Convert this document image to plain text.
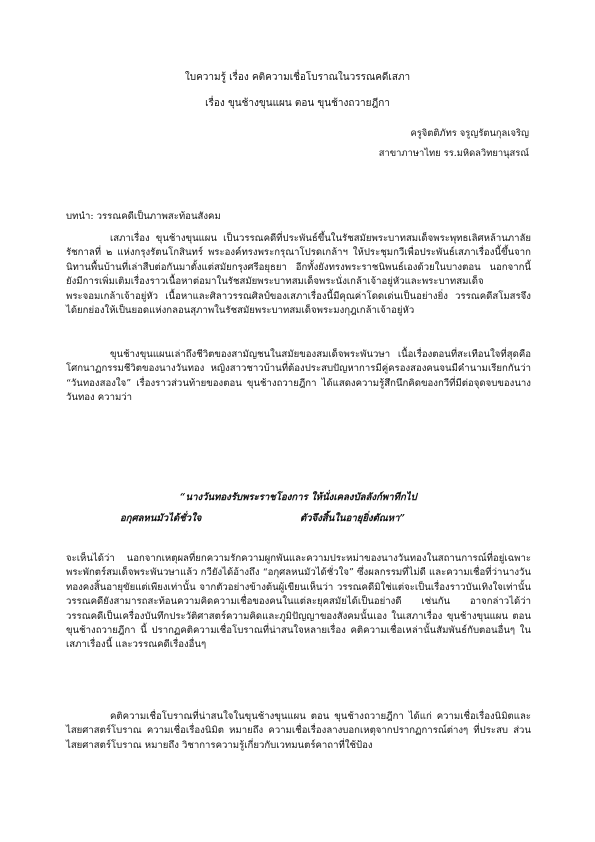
ใบความรู้ เรื่อง คติความเชื่อโบราณในวรรณคดีเสภา
เรื่อง ขุนช้างขุนแผน ตอน ขุนช้างถวายฎีกา
ครูจิตติภัทร จรูญรัตนกุลเจริญ
สาขาภาษาไทย รร.มหิดลวิทยานุสรณ์
บทนำ: วรรณคดีเป็นภาพสะท้อนสังคม

เสภาเรื่อง ขุนช้างขุนแผน เป็นวรรณคดีที่ประพันธ์ขึ้นในรัชสมัยพระบาทสมเด็จพระพุทธเลิศหล้านภาลัย รัชกาลที่ ๒ แห่งกรุงรัตนโกสินทร์ พระองค์ทรงพระกรุณาโปรดเกล้าฯ ให้ประชุมกวีเพื่อประพันธ์เสภาเรื่องนี้ขึ้นจากนิทานพื้นบ้านที่เล่าสืบต่อกันมาตั้งแต่สมัยกรุงศรีอยุธยา อีกทั้งยังทรงพระราชนิพนธ์เองด้วยในบางตอน นอกจากนี้ ยังมีการเพิ่มเติมเรื่องราวเนื้อหาต่อมาในรัชสมัยพระบาทสมเด็จพระนั่งเกล้าเจ้าอยู่หัวและพระบาทสมเด็จพระจอมเกล้าเจ้าอยู่หัว เนื้อหาและศิลาวรรณศิลป์ของเสภาเรื่องนี้มีคุณค่าโดดเด่นเป็นอย่างยิ่ง วรรณคดีสโมสรจึงได้ยกย่องให้เป็นยอดแห่งกลอนสุภาพในรัชสมัยพระบาทสมเด็จพระมงกุฎเกล้าเจ้าอยู่หัว

ขุนช้างขุนแผนเล่าถึงชีวิตของสามัญชนในสมัยของสมเด็จพระพันวษา เนื้อเรื่องตอนที่สะเทือนใจที่สุดคือ โศกนาฏกรรมชีวิตของนางวันทอง หญิงสาวชาวบ้านที่ต้องประสบปัญหาการมีคู่ครองสองคนจนมีคำนามเรียกกันว่า “วันทองสองใจ” เรื่องราวส่วนท้ายของตอน ขุนช้างถวายฎีกา ได้แสดงความรู้สึกนึกคิดของกวีที่มีต่อจุดจบของนางวันทอง ความว่า

“นางวันทองรับพระราชโองการ ให้นั่งเคลงบัลลังก์พาทีกไป
อกุศลหนมัวได้ชั่วใจ	ตัวจึงสิ้นในอายุยิ่งตัณหา”

จะเห็นได้ว่า นอกจากเหตุผลที่ยกความรักความผูกพันและความประหม่าของนางวันทองในสถานการณ์ที่อยู่เฉพาะพระพักตร์สมเด็จพระพันวษาแล้ว กวียังได้อ้างถึง “อกุศลหนมัวได้ชั่วใจ” ซึ่งผลกรรมที่ไม่ดี และความเชื่อที่ว่านางวันทองคงสิ้นอายุขัยแต่เพียงเท่านั้น จากตัวอย่างข้างต้นผู้เขียนเห็นว่า วรรณคดีมิใช่แต่จะเป็นเรื่องราวบันเทิงใจเท่านั้น วรรณคดียังสามารถสะท้อนความคิดความเชื่อของคนในแต่ละยุคสมัยได้เป็นอย่างดี เช่นกัน อาจกล่าวได้ว่า วรรณคดีเป็นเครื่องบันทึกประวัติศาสตร์ความคิดและภูมิปัญญาของสังคมนั้นเอง ในเสภาเรื่อง ขุนช้างขุนแผน ตอน ขุนช้างถวายฎีกา นี้ ปรากฏคติความเชื่อโบราณที่น่าสนใจหลายเรื่อง คติความเชื่อเหล่านั้นสัมพันธ์กับตอนอื่นๆ ในเสภาเรื่องนี้ และวรรณคดีเรื่องอื่นๆ

คติความเชื่อโบราณที่น่าสนใจในขุนช้างขุนแผน ตอน ขุนช้างถวายฎีกา ได้แก่ ความเชื่อเรื่องนิมิตและไสยศาสตร์โบราณ ความเชื่อเรื่องนิมิต หมายถึง ความเชื่อเรื่องลางบอกเหตุจากปรากฏการณ์ต่างๆ ที่ประสบ ส่วนไสยศาสตร์โบราณ หมายถึง วิชาการความรู้เกี่ยวกับเวทมนตร์คาถาที่ใช้ป้อง
